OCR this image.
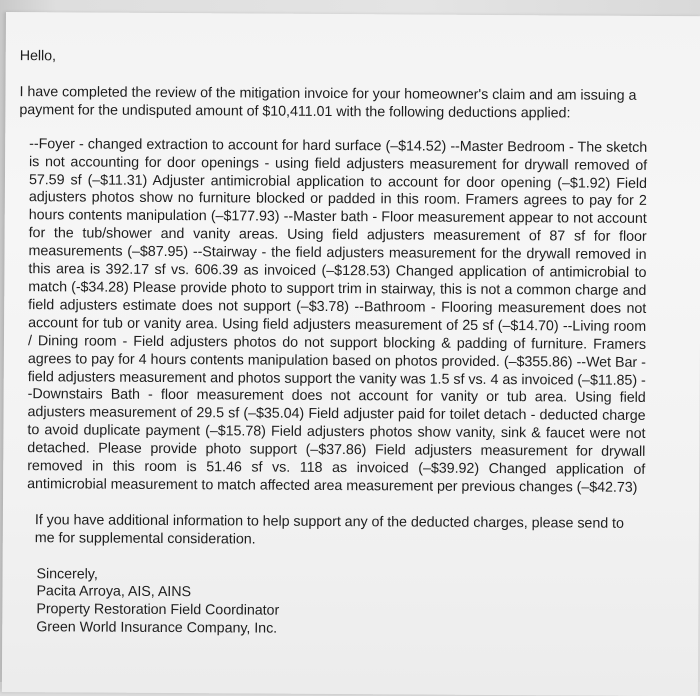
Hello,

I have completed the review of the mitigation invoice for your homeowner's claim and am issuing a payment for the undisputed amount of $10,411.01 with the following deductions applied:

--Foyer - changed extraction to account for hard surface (–$14.52) --Master Bedroom - The sketch is not accounting for door openings - using field adjusters measurement for drywall removed of 57.59 sf (–$11.31) Adjuster antimicrobial application to account for door opening (–$1.92) Field adjusters photos show no furniture blocked or padded in this room. Framers agrees to pay for 2 hours contents manipulation (–$177.93) --Master bath - Floor measurement appear to not account for the tub/shower and vanity areas. Using field adjusters measurement of 87 sf for floor measurements (–$87.95) --Stairway - the field adjusters measurement for the drywall removed in this area is 392.17 sf vs. 606.39 as invoiced (–$128.53) Changed application of antimicrobial to match (-$34.28) Please provide photo to support trim in stairway, this is not a common charge and field adjusters estimate does not support (–$3.78) --Bathroom - Flooring measurement does not account for tub or vanity area. Using field adjusters measurement of 25 sf (–$14.70) --Living room / Dining room - Field adjusters photos do not support blocking & padding of furniture. Framers agrees to pay for 4 hours contents manipulation based on photos provided. (–$355.86) --Wet Bar - field adjusters measurement and photos support the vanity was 1.5 sf vs. 4 as invoiced (–$11.85) --Downstairs Bath - floor measurement does not account for vanity or tub area. Using field adjusters measurement of 29.5 sf (–$35.04) Field adjuster paid for toilet detach - deducted charge to avoid duplicate payment (–$15.78) Field adjusters photos show vanity, sink & faucet were not detached. Please provide photo support (–$37.86) Field adjusters measurement for drywall removed in this room is 51.46 sf vs. 118 as invoiced (–$39.92) Changed application of antimicrobial measurement to match affected area measurement per previous changes (–$42.73)

If you have additional information to help support any of the deducted charges, please send to me for supplemental consideration.

Sincerely,
Pacita Arroya, AIS, AINS
Property Restoration Field Coordinator
Green World Insurance Company, Inc.
